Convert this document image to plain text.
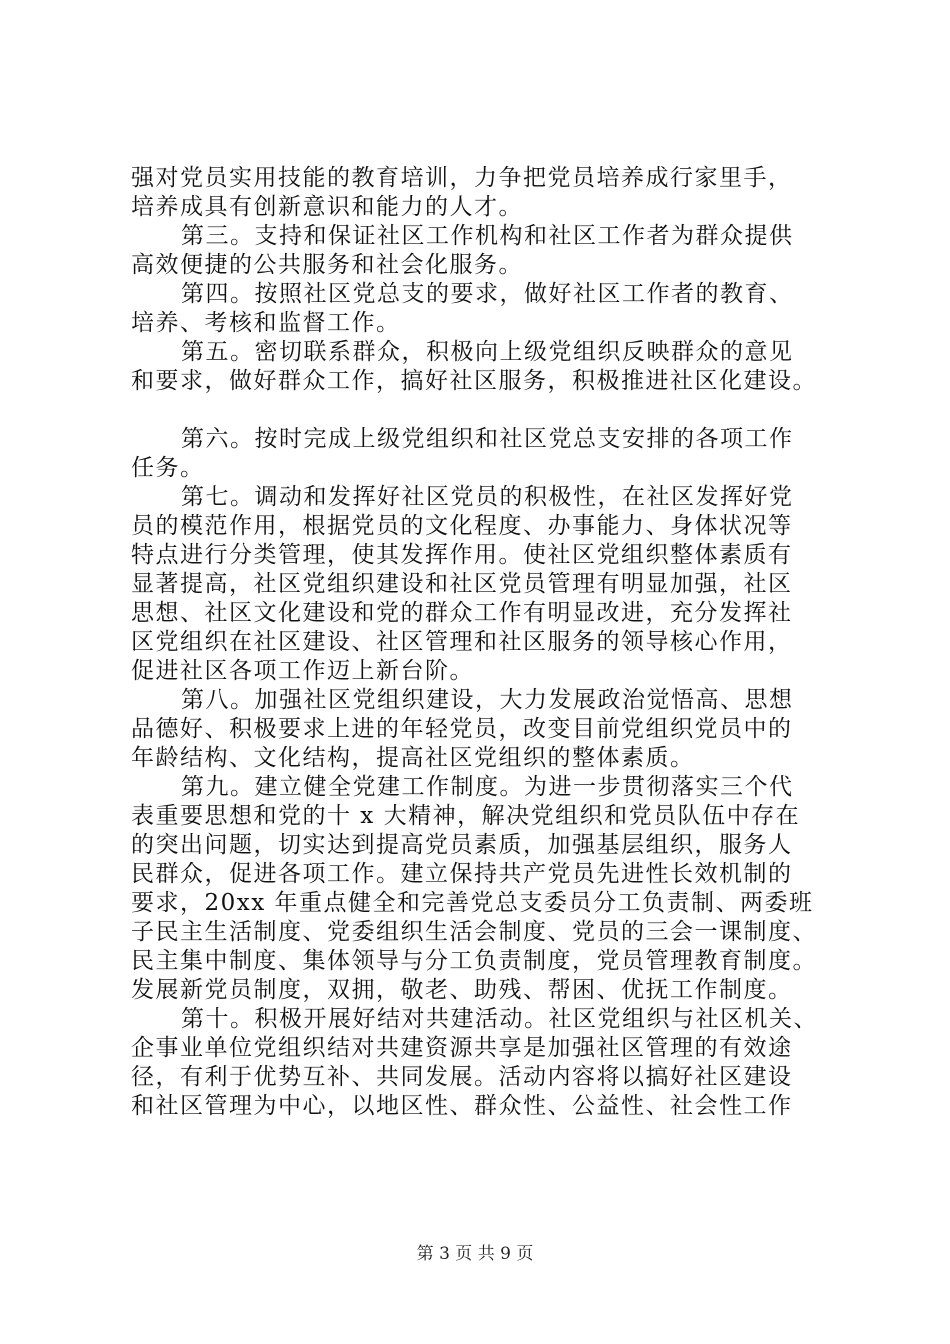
强对党员实用技能的教育培训，力争把党员培养成行家里手，
培养成具有创新意识和能力的人才。
第三。支持和保证社区工作机构和社区工作者为群众提供
高效便捷的公共服务和社会化服务。
第四。按照社区党总支的要求，做好社区工作者的教育、
培养、考核和监督工作。
第五。密切联系群众，积极向上级党组织反映群众的意见
和要求，做好群众工作，搞好社区服务，积极推进社区化建设。
第六。按时完成上级党组织和社区党总支安排的各项工作
任务。
第七。调动和发挥好社区党员的积极性，在社区发挥好党
员的模范作用，根据党员的文化程度、办事能力、身体状况等
特点进行分类管理，使其发挥作用。使社区党组织整体素质有
显著提高，社区党组织建设和社区党员管理有明显加强，社区
思想、社区文化建设和党的群众工作有明显改进，充分发挥社
区党组织在社区建设、社区管理和社区服务的领导核心作用，
促进社区各项工作迈上新台阶。
第八。加强社区党组织建设，大力发展政治觉悟高、思想
品德好、积极要求上进的年轻党员，改变目前党组织党员中的
年龄结构、文化结构，提高社区党组织的整体素质。
第九。建立健全党建工作制度。为进一步贯彻落实三个代
表重要思想和党的十 x 大精神，解决党组织和党员队伍中存在
的突出问题，切实达到提高党员素质，加强基层组织，服务人
民群众，促进各项工作。建立保持共产党员先进性长效机制的
要求，20xx 年重点健全和完善党总支委员分工负责制、两委班
子民主生活制度、党委组织生活会制度、党员的三会一课制度、
民主集中制度、集体领导与分工负责制度，党员管理教育制度。
发展新党员制度，双拥，敬老、助残、帮困、优抚工作制度。
第十。积极开展好结对共建活动。社区党组织与社区机关、
企事业单位党组织结对共建资源共享是加强社区管理的有效途
径，有利于优势互补、共同发展。活动内容将以搞好社区建设
和社区管理为中心，以地区性、群众性、公益性、社会性工作
第 3 页 共 9 页
